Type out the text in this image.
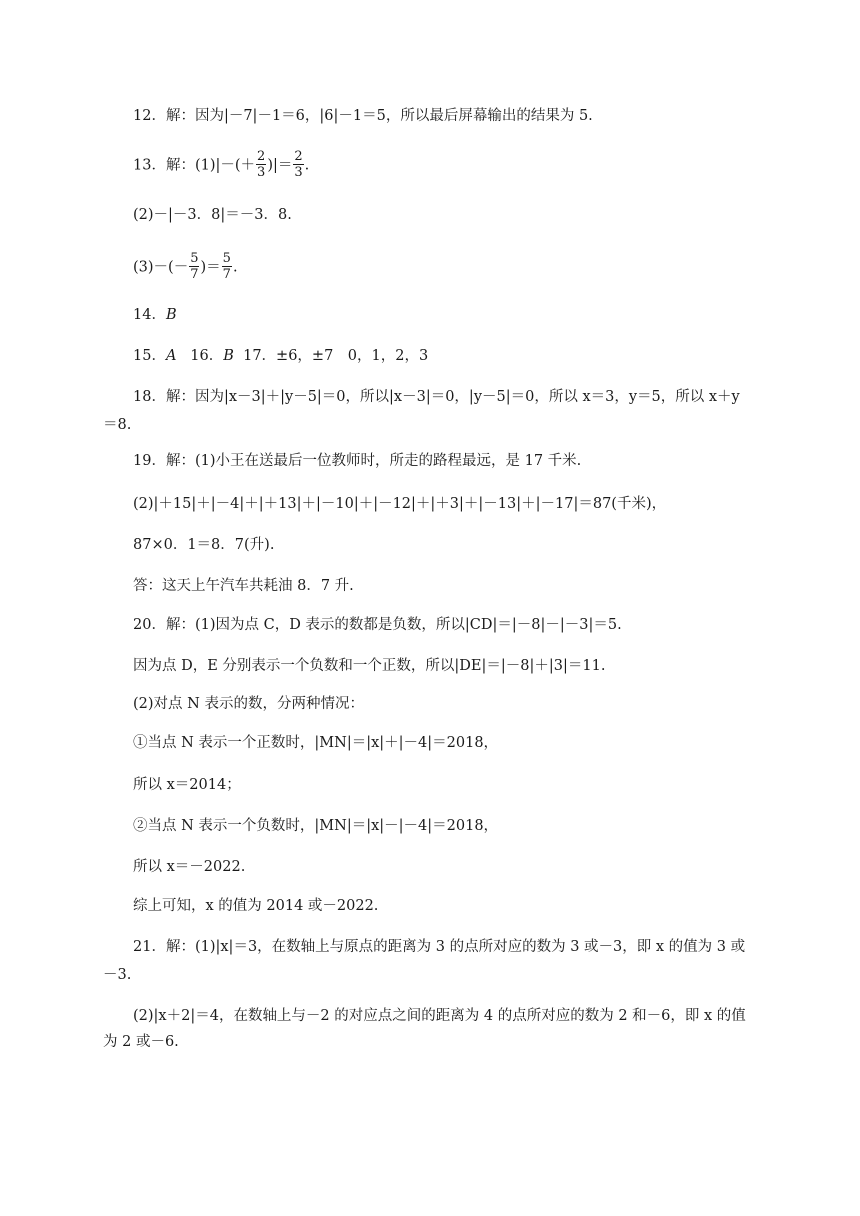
12．解：因为|－7|－1＝6，|6|－1＝5，所以最后屏幕输出的结果为 5.
13．解：$(1)|-(+ \frac{2}{3}$ )|＝ $\frac{2}{3}$ .
(2)－|－3．8|＝－3．8.
$(3)-(- \frac{5}{7}$ )＝ $\frac{5}{7}$ .
14．B
15．A 16．B 17．±6，±7　0，1，2，3
18．解：因为|x－3|＋|y－5|＝0，所以|x－3|＝0，|y－5|＝0，所以 x＝3，y＝5，所以 x＋y
＝8.
19．解：(1)小王在送最后一位教师时，所走的路程最远，是 17 千米.
(2)|＋15|＋|－4|＋|＋13|＋|－10|＋|－12|＋|＋3|＋|－13|＋|－17|＝87(千米)，
87×0．1＝8．7(升).
答：这天上午汽车共耗油 8．7 升.
20．解：(1)因为点 C，D 表示的数都是负数，所以|CD|＝|－8|－|－3|＝5.
因为点 D，E 分别表示一个负数和一个正数，所以|DE|＝|－8|＋|3|＝11.
(2)对点 N 表示的数，分两种情况：
①当点 N 表示一个正数时，|MN|＝|x|＋|－4|＝2018，
所以 x＝2014；
②当点 N 表示一个负数时，|MN|＝|x|－|－4|＝2018，
所以 x＝－2022.
综上可知，x 的值为 2014 或－2022.
21．解：(1)|x|＝3，在数轴上与原点的距离为 3 的点所对应的数为 3 或－3，即 x 的值为 3 或
－3.
(2)|x＋2|＝4，在数轴上与－2 的对应点之间的距离为 4 的点所对应的数为 2 和－6，即 x 的值
为 2 或－6.
